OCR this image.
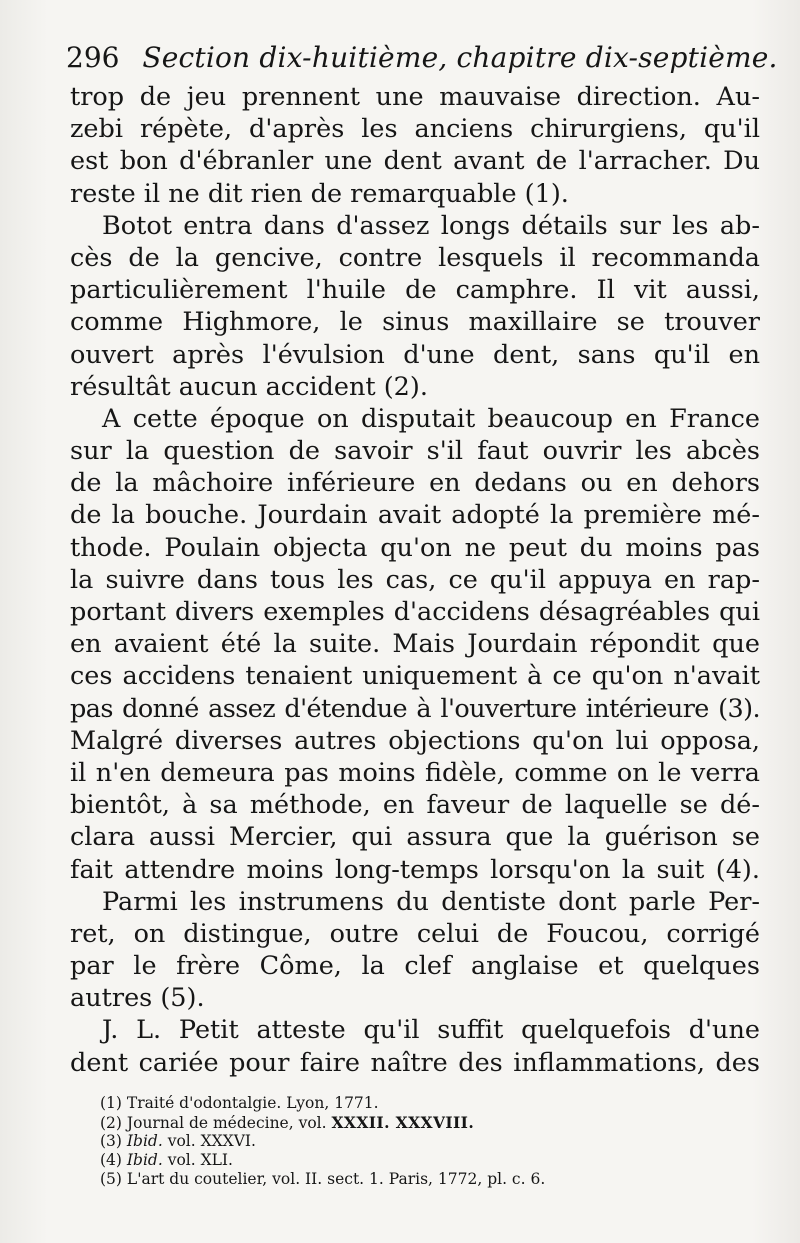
296 Section dix-huitième, chapitre dix-septième.
trop de jeu prennent une mauvaise direction. Au-
zebi répète, d'après les anciens chirurgiens, qu'il
est bon d'ébranler une dent avant de l'arracher. Du
reste il ne dit rien de remarquable (1).
Botot entra dans d'assez longs détails sur les ab-
cès de la gencive, contre lesquels il recommanda
particulièrement l'huile de camphre. Il vit aussi,
comme Highmore, le sinus maxillaire se trouver
ouvert après l'évulsion d'une dent, sans qu'il en
résultât aucun accident (2).
A cette époque on disputait beaucoup en France
sur la question de savoir s'il faut ouvrir les abcès
de la mâchoire inférieure en dedans ou en dehors
de la bouche. Jourdain avait adopté la première mé-
thode. Poulain objecta qu'on ne peut du moins pas
la suivre dans tous les cas, ce qu'il appuya en rap-
portant divers exemples d'accidens désagréables qui
en avaient été la suite. Mais Jourdain répondit que
ces accidens tenaient uniquement à ce qu'on n'avait
pas donné assez d'étendue à l'ouverture intérieure (3).
Malgré diverses autres objections qu'on lui opposa,
il n'en demeura pas moins fidèle, comme on le verra
bientôt, à sa méthode, en faveur de laquelle se dé-
clara aussi Mercier, qui assura que la guérison se
fait attendre moins long-temps lorsqu'on la suit (4).
Parmi les instrumens du dentiste dont parle Per-
ret, on distingue, outre celui de Foucou, corrigé
par le frère Côme, la clef anglaise et quelques
autres (5).
J. L. Petit atteste qu'il suffit quelquefois d'une
dent cariée pour faire naître des inflammations, des
(1) Traité d'odontalgie. Lyon, 1771.
(2) Journal de médecine, vol. XXXII. XXXVIII.
(3) Ibid. vol. XXXVI.
(4) Ibid. vol. XLI.
(5) L'art du coutelier, vol. II. sect. 1. Paris, 1772, pl. c. 6.
